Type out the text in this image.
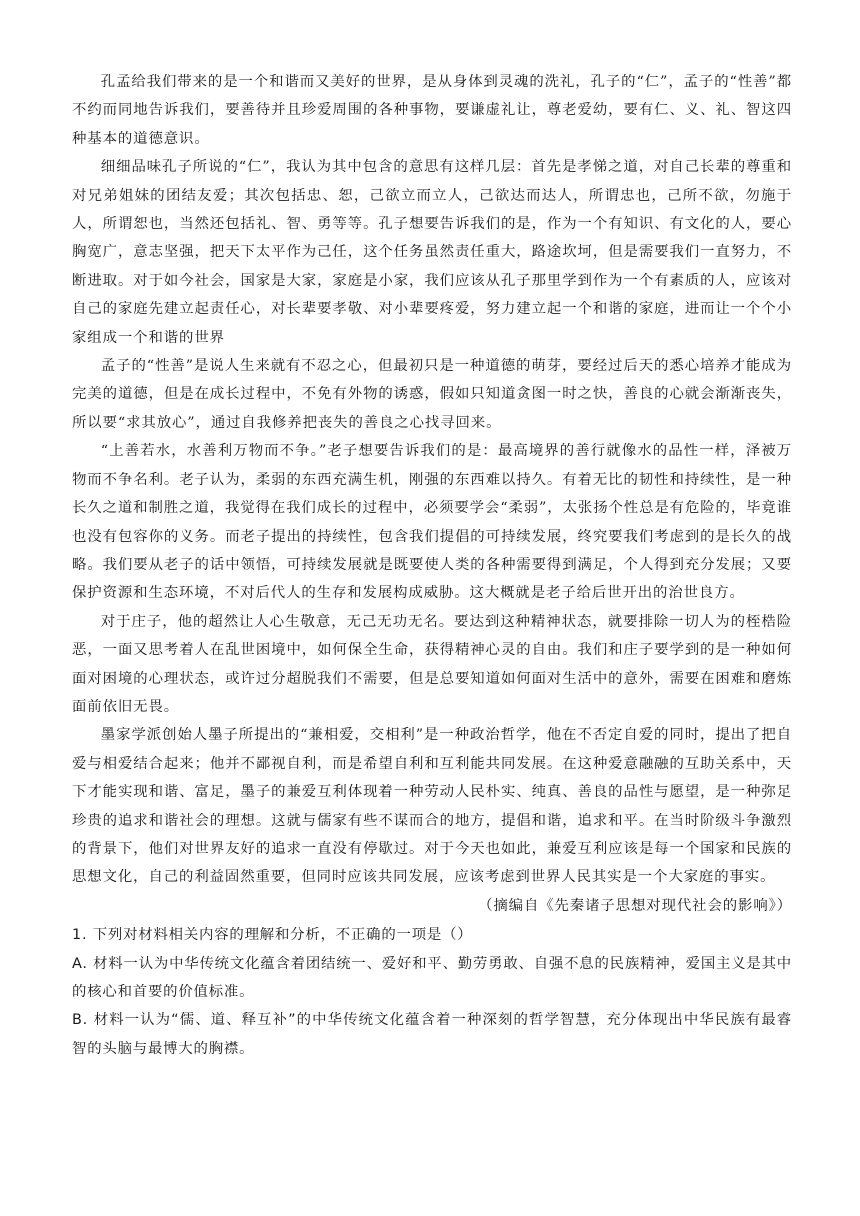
孔孟给我们带来的是一个和谐而又美好的世界，是从身体到灵魂的洗礼，孔子的“仁”，孟子的“性善”都不约而同地告诉我们，要善待并且珍爱周围的各种事物，要谦虚礼让，尊老爱幼，要有仁、义、礼、智这四种基本的道德意识。

细细品味孔子所说的“仁”，我认为其中包含的意思有这样几层：首先是孝悌之道，对自己长辈的尊重和对兄弟姐妹的团结友爱；其次包括忠、恕，己欲立而立人，己欲达而达人，所谓忠也，己所不欲，勿施于人，所谓恕也，当然还包括礼、智、勇等等。孔子想要告诉我们的是，作为一个有知识、有文化的人，要心胸宽广，意志坚强，把天下太平作为己任，这个任务虽然责任重大，路途坎坷，但是需要我们一直努力，不断进取。对于如今社会，国家是大家，家庭是小家，我们应该从孔子那里学到作为一个有素质的人，应该对自己的家庭先建立起责任心，对长辈要孝敬、对小辈要疼爱，努力建立起一个和谐的家庭，进而让一个个小家组成一个和谐的世界

孟子的“性善”是说人生来就有不忍之心，但最初只是一种道德的萌芽，要经过后天的悉心培养才能成为完美的道德，但是在成长过程中，不免有外物的诱惑，假如只知道贪图一时之快，善良的心就会渐渐丧失，所以要“求其放心”，通过自我修养把丧失的善良之心找寻回来。

“上善若水，水善利万物而不争。”老子想要告诉我们的是：最高境界的善行就像水的品性一样，泽被万物而不争名利。老子认为，柔弱的东西充满生机，刚强的东西难以持久。有着无比的韧性和持续性，是一种长久之道和制胜之道，我觉得在我们成长的过程中，必须要学会“柔弱”，太张扬个性总是有危险的，毕竟谁也没有包容你的义务。而老子提出的持续性，包含我们提倡的可持续发展，终究要我们考虑到的是长久的战略。我们要从老子的话中领悟，可持续发展就是既要使人类的各种需要得到满足，个人得到充分发展；又要保护资源和生态环境，不对后代人的生存和发展构成威胁。这大概就是老子给后世开出的治世良方。

对于庄子，他的超然让人心生敬意，无己无功无名。要达到这种精神状态，就要排除一切人为的桎梏险恶，一面又思考着人在乱世困境中，如何保全生命，获得精神心灵的自由。我们和庄子要学到的是一种如何面对困境的心理状态，或许过分超脱我们不需要，但是总要知道如何面对生活中的意外，需要在困难和磨炼面前依旧无畏。

墨家学派创始人墨子所提出的“兼相爱，交相利”是一种政治哲学，他在不否定自爱的同时，提出了把自爱与相爱结合起来；他并不鄙视自利，而是希望自利和互利能共同发展。在这种爱意融融的互助关系中，天下才能实现和谐、富足，墨子的兼爱互利体现着一种劳动人民朴实、纯真、善良的品性与愿望，是一种弥足珍贵的追求和谐社会的理想。这就与儒家有些不谋而合的地方，提倡和谐，追求和平。在当时阶级斗争激烈的背景下，他们对世界友好的追求一直没有停歇过。对于今天也如此，兼爱互利应该是每一个国家和民族的思想文化，自己的利益固然重要，但同时应该共同发展，应该考虑到世界人民其实是一个大家庭的事实。

（摘编自《先秦诸子思想对现代社会的影响》）

1. 下列对材料相关内容的理解和分析，不正确的一项是（）

A. 材料一认为中华传统文化蕴含着团结统一、爱好和平、勤劳勇敢、自强不息的民族精神，爱国主义是其中的核心和首要的价值标准。

B. 材料一认为“儒、道、释互补”的中华传统文化蕴含着一种深刻的哲学智慧，充分体现出中华民族有最睿智的头脑与最博大的胸襟。
